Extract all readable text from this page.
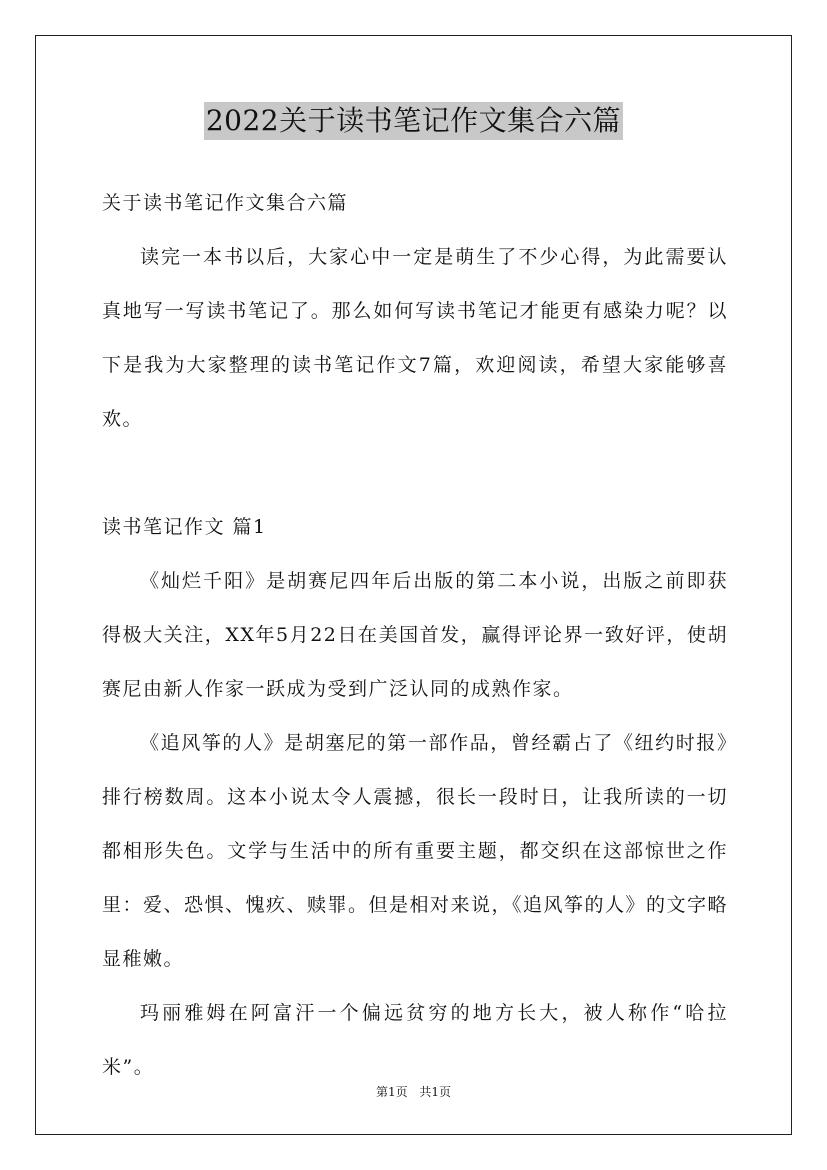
2022关于读书笔记作文集合六篇
关于读书笔记作文集合六篇

读完一本书以后，大家心中一定是萌生了不少心得，为此需要认真地写一写读书笔记了。那么如何写读书笔记才能更有感染力呢？以下是我为大家整理的读书笔记作文7篇，欢迎阅读，希望大家能够喜欢。

读书笔记作文 篇1

《灿烂千阳》是胡赛尼四年后出版的第二本小说，出版之前即获得极大关注，XX年5月22日在美国首发，赢得评论界一致好评，使胡赛尼由新人作家一跃成为受到广泛认同的成熟作家。

《追风筝的人》是胡塞尼的第一部作品，曾经霸占了《纽约时报》排行榜数周。这本小说太令人震撼，很长一段时日，让我所读的一切都相形失色。文学与生活中的所有重要主题，都交织在这部惊世之作里：爱、恐惧、愧疚、赎罪。但是相对来说，《追风筝的人》的文字略显稚嫩。

玛丽雅姆在阿富汗一个偏远贫穷的地方长大，被人称作“哈拉米”。

第1页 共1页
